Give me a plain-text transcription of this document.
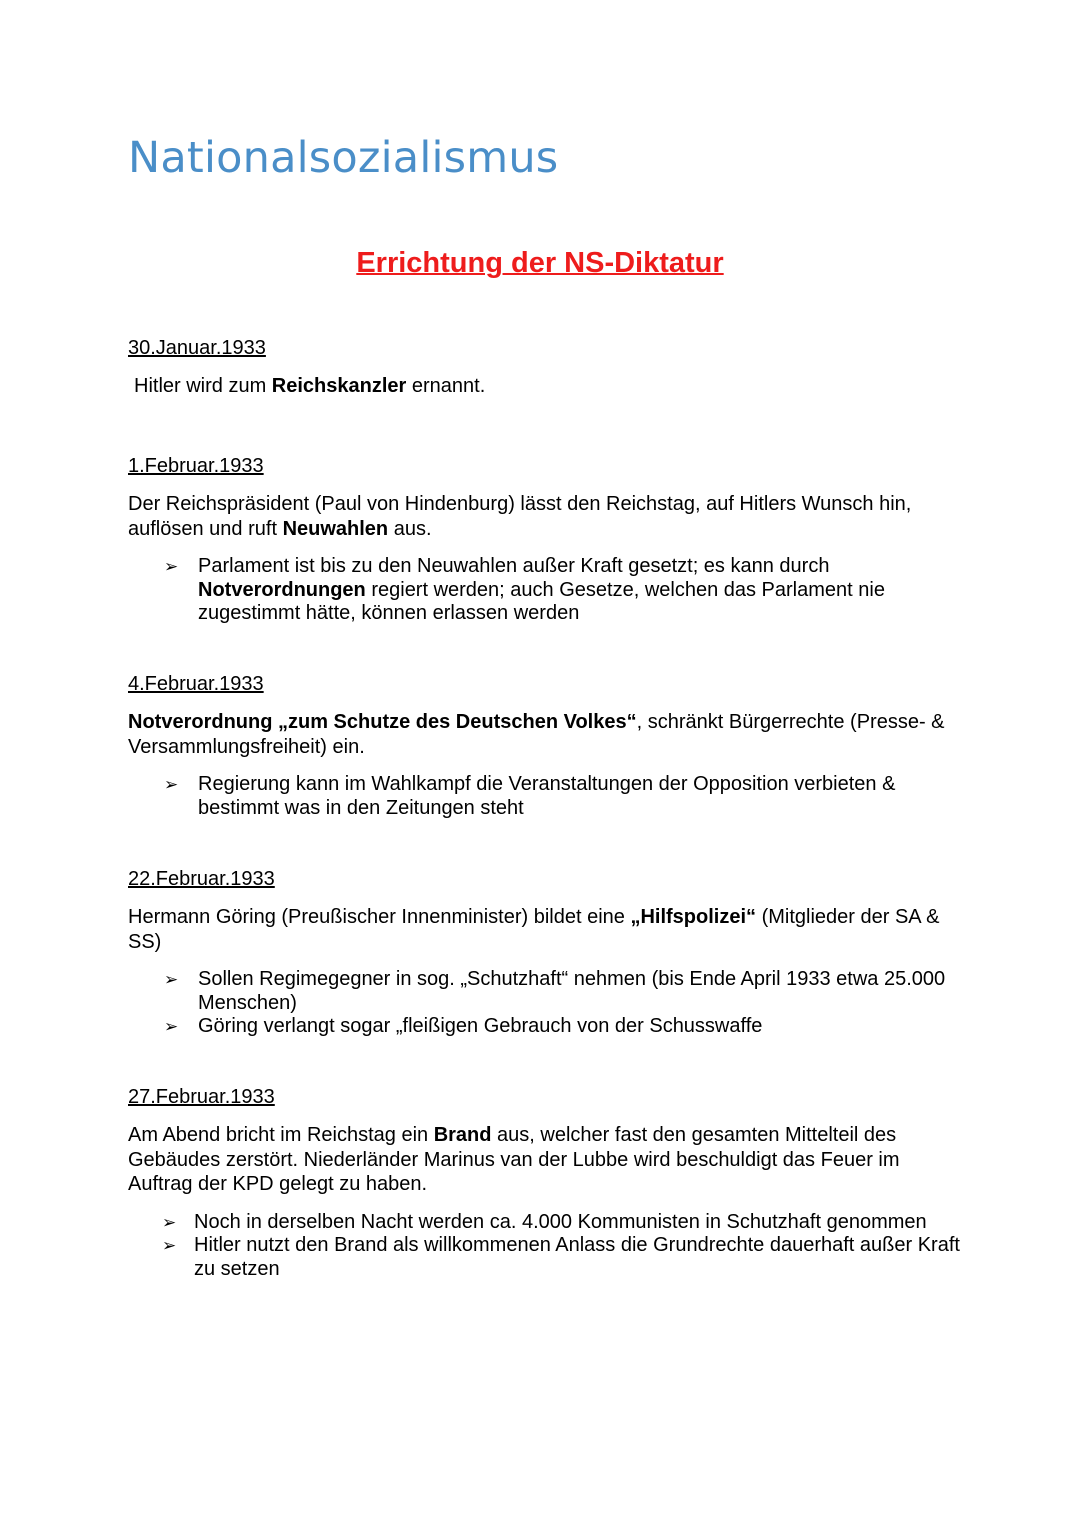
Nationalsozialismus
Errichtung der NS-Diktatur

30.Januar.1933

Hitler wird zum Reichskanzler ernannt.

1.Februar.1933

Der Reichspräsident (Paul von Hindenburg) lässt den Reichstag, auf Hitlers Wunsch hin, auflösen und ruft Neuwahlen aus.

➢ Parlament ist bis zu den Neuwahlen außer Kraft gesetzt; es kann durch Notverordnungen regiert werden; auch Gesetze, welchen das Parlament nie zugestimmt hätte, können erlassen werden

4.Februar.1933

Notverordnung „zum Schutze des Deutschen Volkes“, schränkt Bürgerrechte (Presse- & Versammlungsfreiheit) ein.

➢ Regierung kann im Wahlkampf die Veranstaltungen der Opposition verbieten & bestimmt was in den Zeitungen steht

22.Februar.1933

Hermann Göring (Preußischer Innenminister) bildet eine „Hilfspolizei“ (Mitglieder der SA & SS)

➢ Sollen Regimegegner in sog. „Schutzhaft“ nehmen (bis Ende April 1933 etwa 25.000 Menschen)
➢ Göring verlangt sogar „fleißigen Gebrauch von der Schusswaffe

27.Februar.1933

Am Abend bricht im Reichstag ein Brand aus, welcher fast den gesamten Mittelteil des Gebäudes zerstört. Niederländer Marinus van der Lubbe wird beschuldigt das Feuer im Auftrag der KPD gelegt zu haben.

➢ Noch in derselben Nacht werden ca. 4.000 Kommunisten in Schutzhaft genommen
➢ Hitler nutzt den Brand als willkommenen Anlass die Grundrechte dauerhaft außer Kraft zu setzen
